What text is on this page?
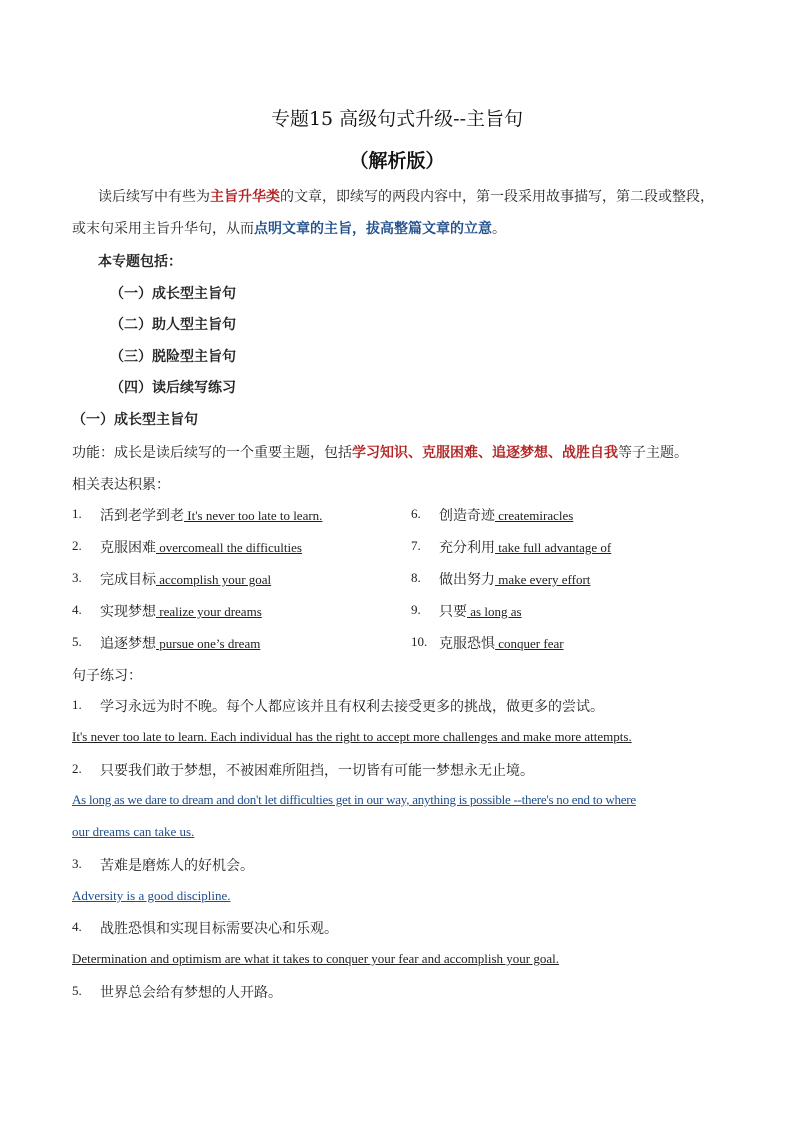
专题15 高级句式升级--主旨句
（解析版）
读后续写中有些为主旨升华类的文章，即续写的两段内容中，第一段采用故事描写，第二段或整段，
或末句采用主旨升华句，从而点明文章的主旨，拔高整篇文章的立意。
本专题包括：
（一）成长型主旨句
（二）助人型主旨句
（三）脱险型主旨句
（四）读后续写练习
（一）成长型主旨句
功能：成长是读后续写的一个重要主题，包括学习知识、克服困难、追逐梦想、战胜自我等子主题。
相关表达积累：
1. 活到老学到老 It's never too late to learn.
2. 克服困难 overcomeall the difficulties
3. 完成目标 accomplish your goal
4. 实现梦想 realize your dreams
5. 追逐梦想 pursue one’s dream
6. 创造奇迹 createmiracles
7. 充分利用 take full advantage of
8. 做出努力 make every effort
9. 只要 as long as
10. 克服恐惧 conquer fear
句子练习：
1. 学习永远为时不晚。每个人都应该并且有权利去接受更多的挑战，做更多的尝试。
It's never too late to learn. Each individual has the right to accept more challenges and make more attempts.
2. 只要我们敢于梦想，不被困难所阻挡，一切皆有可能一梦想永无止境。
As long as we dare to dream and don't let difficulties get in our way, anything is possible --there's no end to where
our dreams can take us.
3. 苦难是磨炼人的好机会。
Adversity is a good discipline.
4. 战胜恐惧和实现目标需要决心和乐观。
Determination and optimism are what it takes to conquer your fear and accomplish your goal.
5. 世界总会给有梦想的人开路。
